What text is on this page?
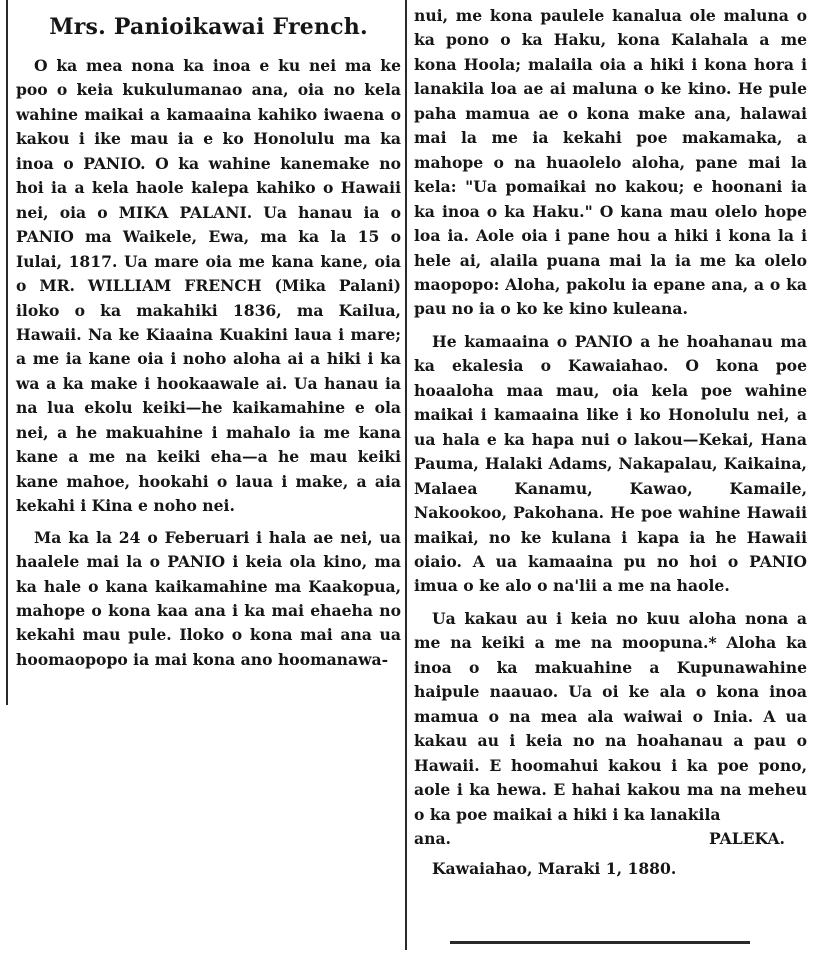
Mrs. Panioikawai French.

O ka mea nona ka inoa e ku nei ma ke poo o keia kukulumanao ana, oia no kela wahine maikai a kamaaina kahiko iwaena o kakou i ike mau ia e ko Honolulu ma ka inoa o PANIO. O ka wahine kanemake no hoi ia a kela haole kalepa kahiko o Hawaii nei, oia o MIKA PALANI. Ua hanau ia o PANIO ma Waikele, Ewa, ma ka la 15 o Iulai, 1817. Ua mare oia me kana kane, oia o MR. WILLIAM FRENCH (Mika Palani) iloko o ka makahiki 1836, ma Kailua, Hawaii. Na ke Kiaaina Kuakini laua i mare; a me ia kane oia i noho aloha ai a hiki i ka wa a ka make i hookaawale ai. Ua hanau ia na lua ekolu keiki—he kaikamahine e ola nei, a he makuahine i mahalo ia me kana kane a me na keiki eha—a he mau keiki kane mahoe, hookahi o laua i make, a aia kekahi i Kina e noho nei.

Ma ka la 24 o Feberuari i hala ae nei, ua haalele mai la o PANIO i keia ola kino, ma ka hale o kana kaikamahine ma Kaakopua, mahope o kona kaa ana i ka mai ehaeha no kekahi mau pule. Iloko o kona mai ana ua hoomaopopo ia mai kona ano hoomanawa-

nui, me kona paulele kanalua ole maluna o ka pono o ka Haku, kona Kalahala a me kona Hoola; malaila oia a hiki i kona hora i lanakila loa ae ai maluna o ke kino. He pule paha mamua ae o kona make ana, halawai mai la me ia kekahi poe makamaka, a mahope o na huaolelo aloha, pane mai la kela: "Ua pomaikai no kakou; e hoonani ia ka inoa o ka Haku." O kana mau olelo hope loa ia. Aole oia i pane hou a hiki i kona la i hele ai, alaila puana mai la ia me ka olelo maopopo: Aloha, pakolu ia epane ana, a o ka pau no ia o ko ke kino kuleana.

He kamaaina o PANIO a he hoahanau ma ka ekalesia o Kawaiahao. O kona poe hoaaloha maa mau, oia kela poe wahine maikai i kamaaina like i ko Honolulu nei, a ua hala e ka hapa nui o lakou—Kekai, Hana Pauma, Halaki Adams, Nakapalau, Kaikaina, Malaea Kanamu, Kawao, Kamaile, Nakookoo, Pakohana. He poe wahine Hawaii maikai, no ke kulana i kapa ia he Hawaii oiaio. A ua kamaaina pu no hoi o PANIO imua o ke alo o na'lii a me na haole.

Ua kakau au i keia no kuu aloha nona a me na keiki a me na moopuna.* Aloha ka inoa o ka makuahine a Kupunawahine haipule naauao. Ua oi ke ala o kona inoa mamua o na mea ala waiwai o Inia. A ua kakau au i keia no na hoahanau a pau o Hawaii. E hoomahui kakou i ka poe pono, aole i ka hewa. E hahai kakou ma na meheu o ka poe maikai a hiki i ka lanakila

ana.	PALEKA.

Kawaiahao, Maraki 1, 1880.
